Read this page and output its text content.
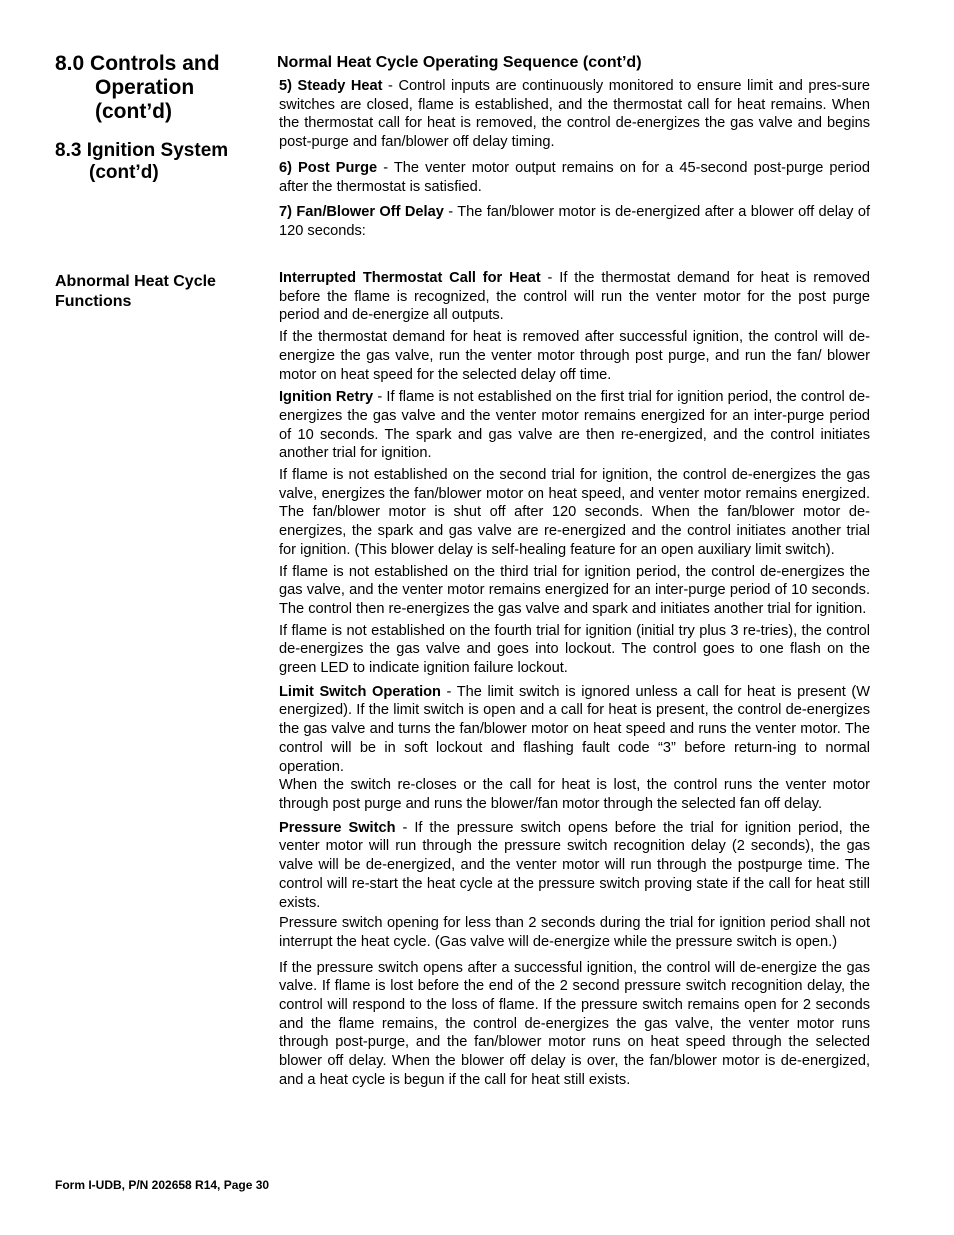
8.0 Controls and
Operation
(cont’d)
8.3 Ignition System
(cont’d)
Abnormal Heat Cycle
Functions
Normal Heat Cycle Operating Sequence (cont’d)

5) Steady Heat - Control inputs are continuously monitored to ensure limit and pres-sure switches are closed, flame is established, and the thermostat call for heat remains. When the thermostat call for heat is removed, the control de-energizes the gas valve and begins post-purge and fan/blower off delay timing.

6) Post Purge - The venter motor output remains on for a 45-second post-purge period after the thermostat is satisfied.

7) Fan/Blower Off Delay - The fan/blower motor is de-energized after a blower off delay of 120 seconds:

Interrupted Thermostat Call for Heat - If the thermostat demand for heat is removed before the flame is recognized, the control will run the venter motor for the post purge period and de-energize all outputs.

If the thermostat demand for heat is removed after successful ignition, the control will de-energize the gas valve, run the venter motor through post purge, and run the fan/ blower motor on heat speed for the selected delay off time.

Ignition Retry - If flame is not established on the first trial for ignition period, the control de-energizes the gas valve and the venter motor remains energized for an inter-purge period of 10 seconds. The spark and gas valve are then re-energized, and the control initiates another trial for ignition.

If flame is not established on the second trial for ignition, the control de-energizes the gas valve, energizes the fan/blower motor on heat speed, and venter motor remains energized. The fan/blower motor is shut off after 120 seconds. When the fan/blower motor de-energizes, the spark and gas valve are re-energized and the control initiates another trial for ignition. (This blower delay is self-healing feature for an open auxiliary limit switch).

If flame is not established on the third trial for ignition period, the control de-energizes the gas valve, and the venter motor remains energized for an inter-purge period of 10 seconds. The control then re-energizes the gas valve and spark and initiates another trial for ignition.

If flame is not established on the fourth trial for ignition (initial try plus 3 re-tries), the control de-energizes the gas valve and goes into lockout. The control goes to one flash on the green LED to indicate ignition failure lockout.

Limit Switch Operation - The limit switch is ignored unless a call for heat is present (W energized). If the limit switch is open and a call for heat is present, the control de-energizes the gas valve and turns the fan/blower motor on heat speed and runs the venter motor. The control will be in soft lockout and flashing fault code “3” before return-ing to normal operation.

When the switch re-closes or the call for heat is lost, the control runs the venter motor through post purge and runs the blower/fan motor through the selected fan off delay.

Pressure Switch - If the pressure switch opens before the trial for ignition period, the venter motor will run through the pressure switch recognition delay (2 seconds), the gas valve will be de-energized, and the venter motor will run through the postpurge time. The control will re-start the heat cycle at the pressure switch proving state if the call for heat still exists.

Pressure switch opening for less than 2 seconds during the trial for ignition period shall not interrupt the heat cycle. (Gas valve will de-energize while the pressure switch is open.)

If the pressure switch opens after a successful ignition, the control will de-energize the gas valve. If flame is lost before the end of the 2 second pressure switch recognition delay, the control will respond to the loss of flame. If the pressure switch remains open for 2 seconds and the flame remains, the control de-energizes the gas valve, the venter motor runs through post-purge, and the fan/blower motor runs on heat speed through the selected blower off delay. When the blower off delay is over, the fan/blower motor is de-energized, and a heat cycle is begun if the call for heat still exists.

Form I-UDB, P/N 202658 R14, Page 30
